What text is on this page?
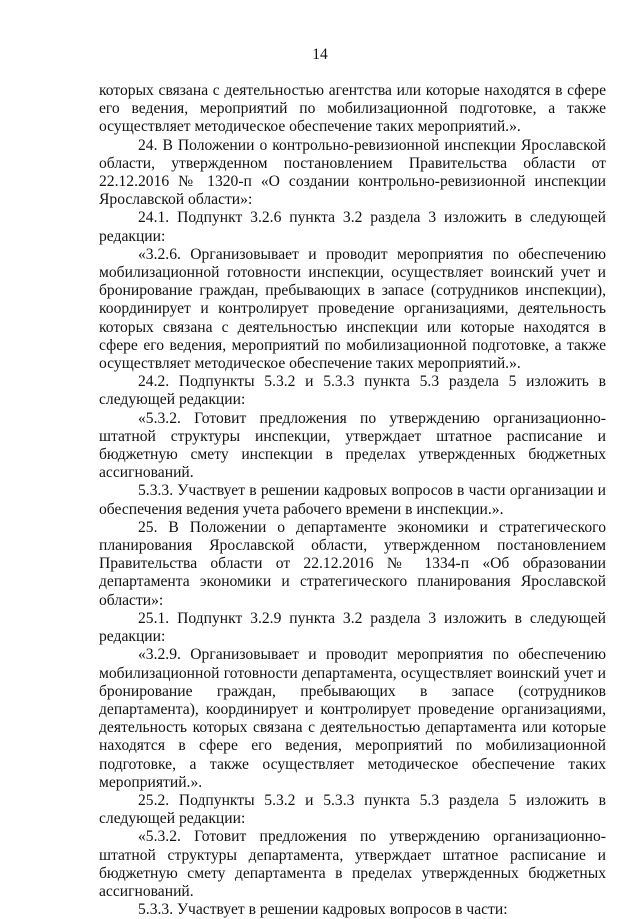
14

которых связана с деятельностью агентства или которые находятся в сфере его ведения, мероприятий по мобилизационной подготовке, а также осуществляет методическое обеспечение таких мероприятий.».

24. В Положении о контрольно-ревизионной инспекции Ярославской области, утвержденном постановлением Правительства области от 22.12.2016 № 1320-п «О создании контрольно-ревизионной инспекции Ярославской области»:

24.1. Подпункт 3.2.6 пункта 3.2 раздела 3 изложить в следующей редакции:

«3.2.6. Организовывает и проводит мероприятия по обеспечению мобилизационной готовности инспекции, осуществляет воинский учет и бронирование граждан, пребывающих в запасе (сотрудников инспекции), координирует и контролирует проведение организациями, деятельность которых связана с деятельностью инспекции или которые находятся в сфере его ведения, мероприятий по мобилизационной подготовке, а также осуществляет методическое обеспечение таких мероприятий.».

24.2. Подпункты 5.3.2 и 5.3.3 пункта 5.3 раздела 5 изложить в следующей редакции:

«5.3.2. Готовит предложения по утверждению организационно-штатной структуры инспекции, утверждает штатное расписание и бюджетную смету инспекции в пределах утвержденных бюджетных ассигнований.

5.3.3. Участвует в решении кадровых вопросов в части организации и обеспечения ведения учета рабочего времени в инспекции.».

25. В Положении о департаменте экономики и стратегического планирования Ярославской области, утвержденном постановлением Правительства области от 22.12.2016 № 1334-п «Об образовании департамента экономики и стратегического планирования Ярославской области»:

25.1. Подпункт 3.2.9 пункта 3.2 раздела 3 изложить в следующей редакции:

«3.2.9. Организовывает и проводит мероприятия по обеспечению мобилизационной готовности департамента, осуществляет воинский учет и бронирование граждан, пребывающих в запасе (сотрудников департамента), координирует и контролирует проведение организациями, деятельность которых связана с деятельностью департамента или которые находятся в сфере его ведения, мероприятий по мобилизационной подготовке, а также осуществляет методическое обеспечение таких мероприятий.».

25.2. Подпункты 5.3.2 и 5.3.3 пункта 5.3 раздела 5 изложить в следующей редакции:

«5.3.2. Готовит предложения по утверждению организационно-штатной структуры департамента, утверждает штатное расписание и бюджетную смету департамента в пределах утвержденных бюджетных ассигнований.

5.3.3. Участвует в решении кадровых вопросов в части:
